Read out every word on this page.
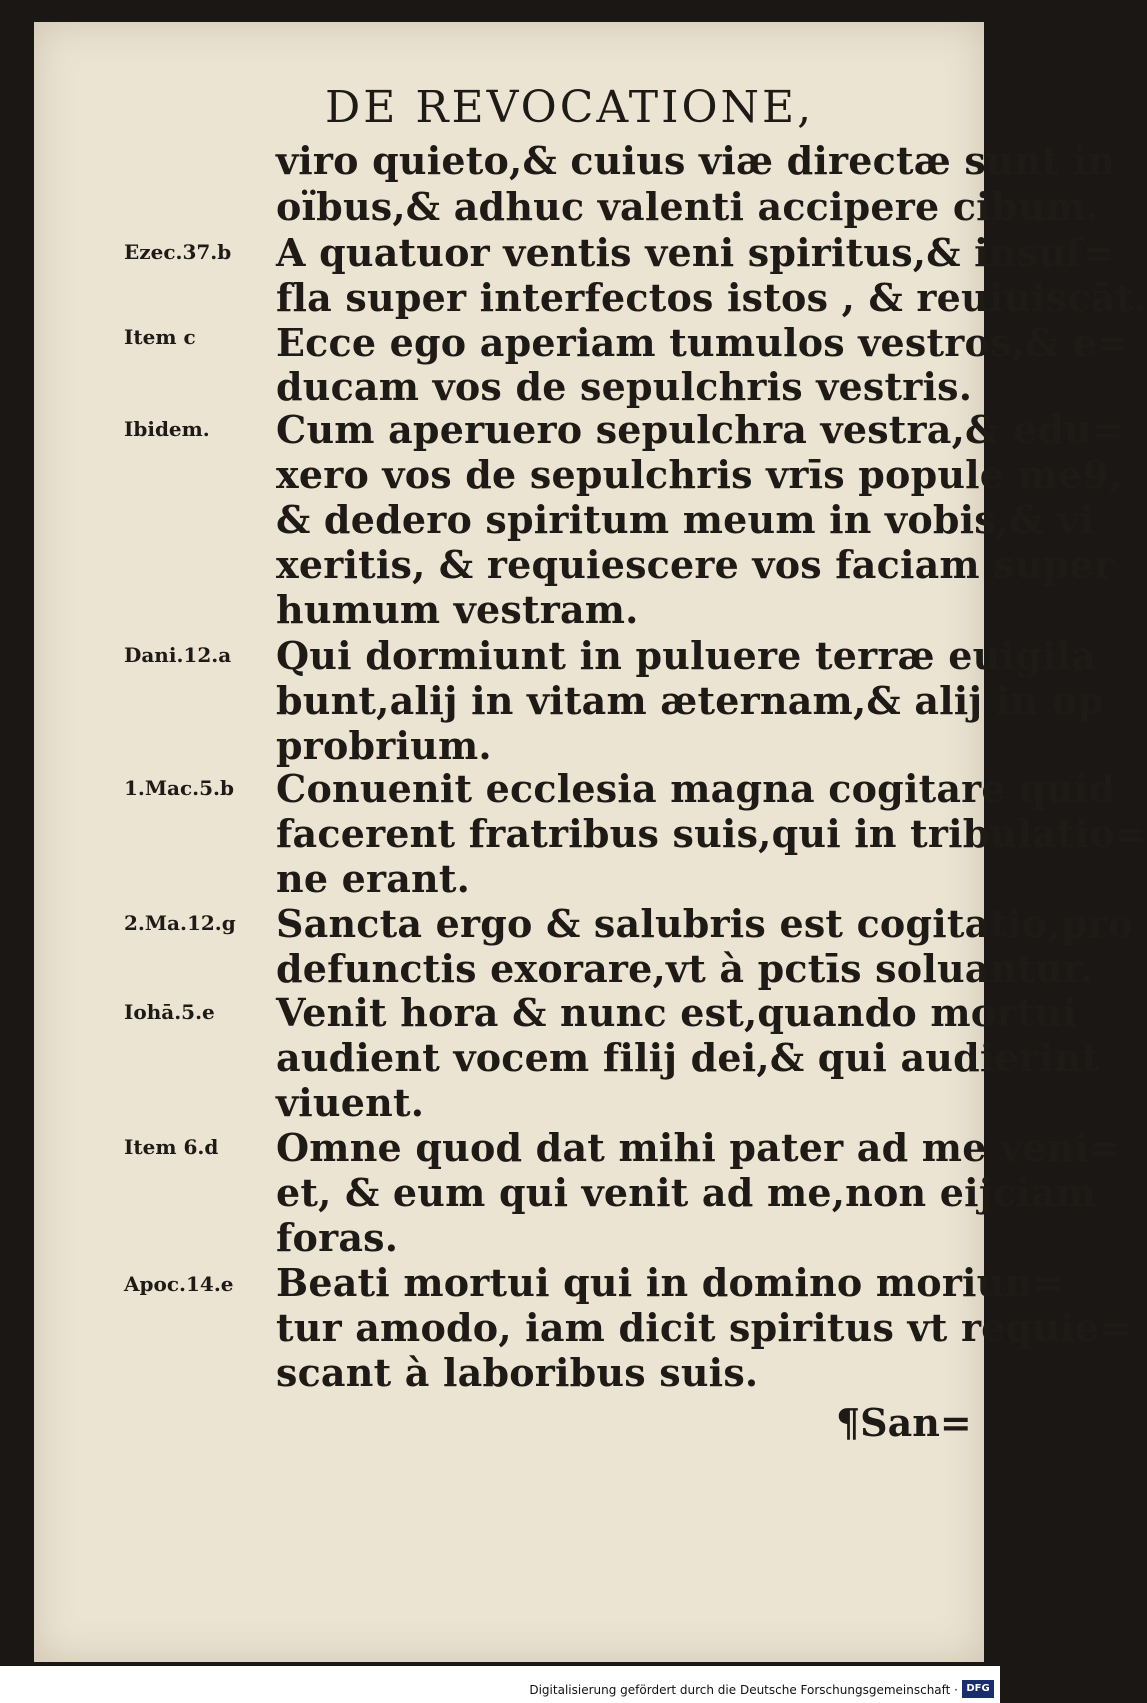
DE REVOCATIONE,
viro quieto,& cuius viæ directæ sunt in
oïbus,& adhuc valenti accipere cibum.
A quatuor ventis veni spiritus,& insuf=
fla super interfectos istos , & reuiuiscāt.
Ecce ego aperiam tumulos vestros,& e=
ducam vos de sepulchris vestris.
Cum aperuero sepulchra vestra,& edu=
xero vos de sepulchris vrīs popule me9,
& dedero spiritum meum in vobis,& vi
xeritis, & requiescere vos faciam super
humum vestram.
Qui dormiunt in puluere terræ euigila
bunt,alij in vitam æternam,& alij in op
probrium.
Conuenit ecclesia magna cogitare quid
facerent fratribus suis,qui in tribulatio=
ne erant.
Sancta ergo & salubris est cogitatio,pro
defunctis exorare,vt à pctīs soluantur.
Venit hora & nunc est,quando mortui
audient vocem filij dei,& qui audierint
viuent.
Omne quod dat mihi pater ad me veni=
et, & eum qui venit ad me,non eijciam
foras.
Beati mortui qui in domino moriun=
tur amodo, iam dicit spiritus vt requie=
scant à laboribus suis.
Ezec.37.b
Item c
Ibidem.
Dani.12.a
1.Mac.5.b
2.Ma.12.g
Iohā.5.e
Item 6.d
Apoc.14.e
¶San=
Digitalisierung gefördert durch die Deutsche Forschungsgemeinschaft · DFG
